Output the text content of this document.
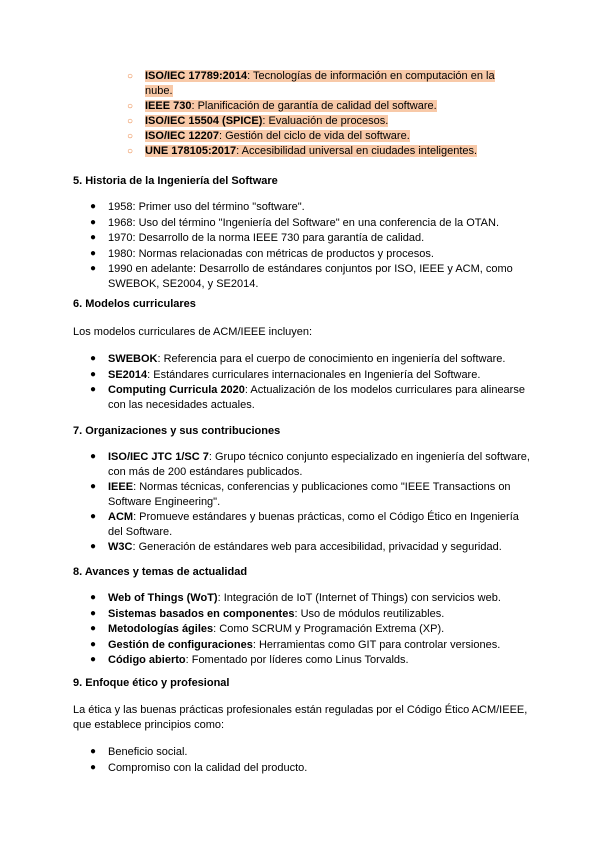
○ ISO/IEC 17789:2014: Tecnologías de información en computación en la nube.
○ IEEE 730: Planificación de garantía de calidad del software.
○ ISO/IEC 15504 (SPICE): Evaluación de procesos.
○ ISO/IEC 12207: Gestión del ciclo de vida del software.
○ UNE 178105:2017: Accesibilidad universal en ciudades inteligentes.
5. Historia de la Ingeniería del Software
● 1958: Primer uso del término "software".
● 1968: Uso del término "Ingeniería del Software" en una conferencia de la OTAN.
● 1970: Desarrollo de la norma IEEE 730 para garantía de calidad.
● 1980: Normas relacionadas con métricas de productos y procesos.
● 1990 en adelante: Desarrollo de estándares conjuntos por ISO, IEEE y ACM, como SWEBOK, SE2004, y SE2014.
6. Modelos curriculares
Los modelos curriculares de ACM/IEEE incluyen:
● SWEBOK: Referencia para el cuerpo de conocimiento en ingeniería del software.
● SE2014: Estándares curriculares internacionales en Ingeniería del Software.
● Computing Curricula 2020: Actualización de los modelos curriculares para alinearse con las necesidades actuales.
7. Organizaciones y sus contribuciones
● ISO/IEC JTC 1/SC 7: Grupo técnico conjunto especializado en ingeniería del software, con más de 200 estándares publicados.
● IEEE: Normas técnicas, conferencias y publicaciones como "IEEE Transactions on Software Engineering".
● ACM: Promueve estándares y buenas prácticas, como el Código Ético en Ingeniería del Software.
● W3C: Generación de estándares web para accesibilidad, privacidad y seguridad.
8. Avances y temas de actualidad
● Web of Things (WoT): Integración de IoT (Internet of Things) con servicios web.
● Sistemas basados en componentes: Uso de módulos reutilizables.
● Metodologías ágiles: Como SCRUM y Programación Extrema (XP).
● Gestión de configuraciones: Herramientas como GIT para controlar versiones.
● Código abierto: Fomentado por líderes como Linus Torvalds.
9. Enfoque ético y profesional
La ética y las buenas prácticas profesionales están reguladas por el Código Ético ACM/IEEE, que establece principios como:
● Beneficio social.
● Compromiso con la calidad del producto.
